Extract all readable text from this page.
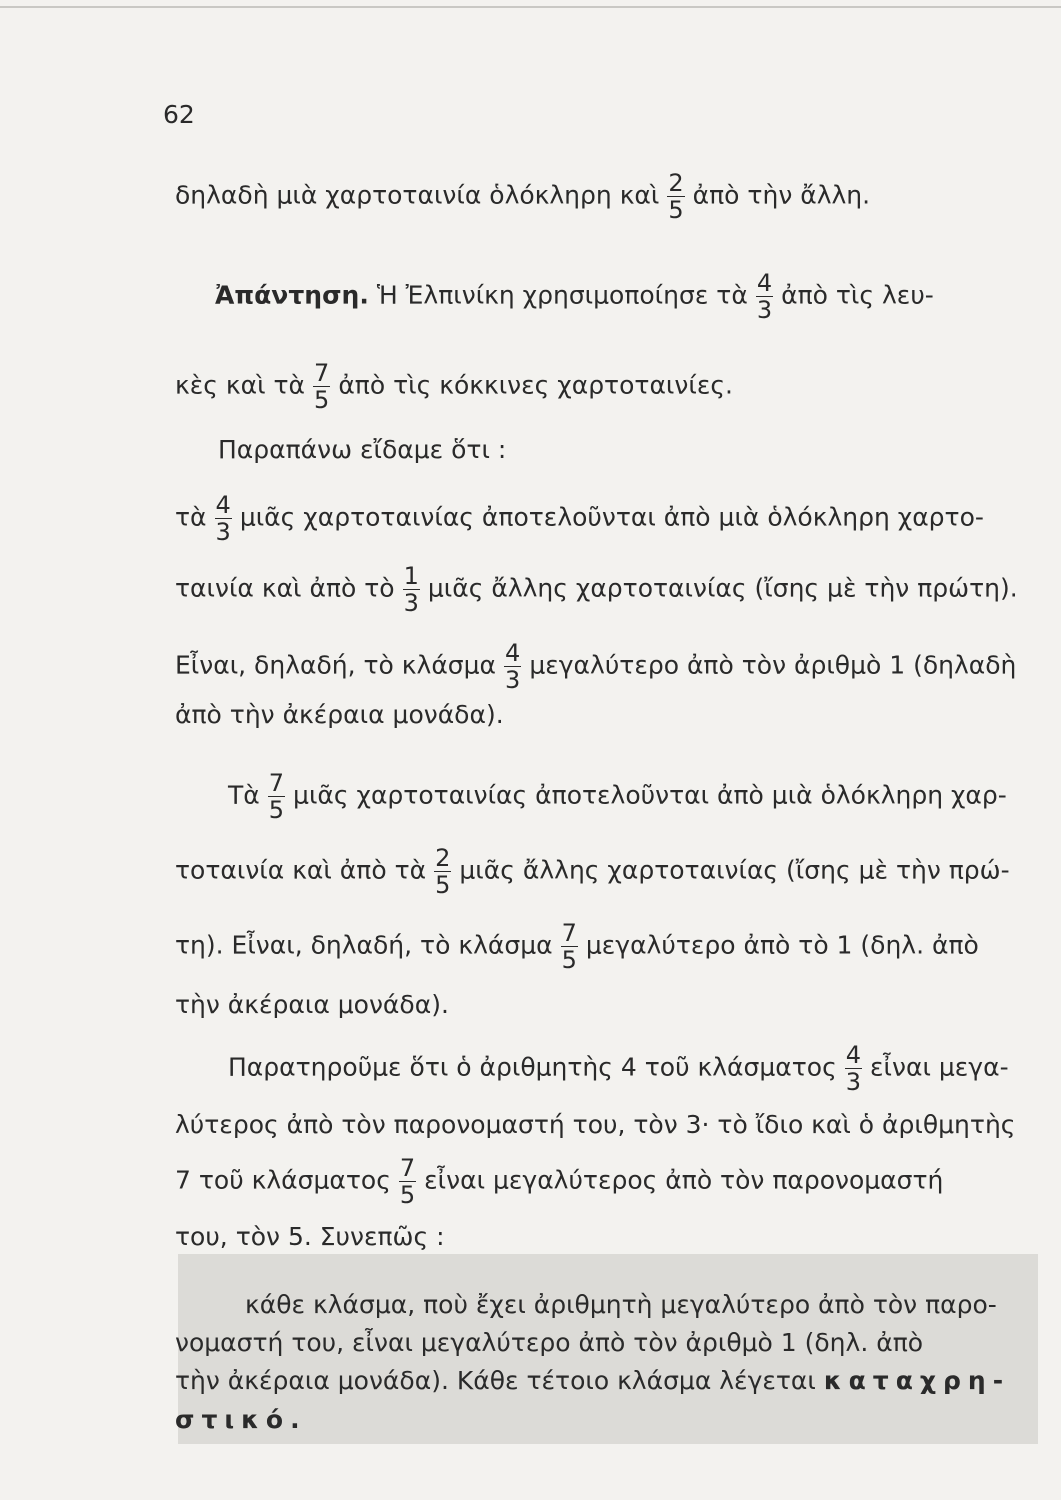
62
δηλαδὴ μιὰ χαρτοταινία ὁλόκληρη καὶ $\frac{2}{5}$ ἀπὸ τὴν ἄλλη.
Ἀπάντηση. Ἡ Ἐλπινίκη χρησιμοποίησε τὰ $\frac{4}{3}$ ἀπὸ τὶς λευ-
κὲς καὶ τὰ $\frac{7}{5}$ ἀπὸ τὶς κόκκινες χαρτοταινίες.
Παραπάνω εἴδαμε ὅτι :
τὰ $\frac{4}{3}$ μιᾶς χαρτοταινίας ἀποτελοῦνται ἀπὸ μιὰ ὁλόκληρη χαρτο-
ταινία καὶ ἀπὸ τὸ $\frac{1}{3}$ μιᾶς ἄλλης χαρτοταινίας (ἴσης μὲ τὴν πρώτη).
Εἶναι, δηλαδή, τὸ κλάσμα $\frac{4}{3}$ μεγαλύτερο ἀπὸ τὸν ἀριθμὸ 1 (δηλαδὴ
ἀπὸ τὴν ἀκέραια μονάδα).
Τὰ $\frac{7}{5}$ μιᾶς χαρτοταινίας ἀποτελοῦνται ἀπὸ μιὰ ὁλόκληρη χαρ-
τοταινία καὶ ἀπὸ τὰ $\frac{2}{5}$ μιᾶς ἄλλης χαρτοταινίας (ἴσης μὲ τὴν πρώ-
τη). Εἶναι, δηλαδή, τὸ κλάσμα $\frac{7}{5}$ μεγαλύτερο ἀπὸ τὸ 1 (δηλ. ἀπὸ
τὴν ἀκέραια μονάδα).
Παρατηροῦμε ὅτι ὁ ἀριθμητὴς 4 τοῦ κλάσματος $\frac{4}{3}$ εἶναι μεγα-
λύτερος ἀπὸ τὸν παρονομαστή του, τὸν 3· τὸ ἴδιο καὶ ὁ ἀριθμητὴς
7 τοῦ κλάσματος $\frac{7}{5}$ εἶναι μεγαλύτερος ἀπὸ τὸν παρονομαστή
του, τὸν 5. Συνεπῶς :
κάθε κλάσμα, ποὺ ἔχει ἀριθμητὴ μεγαλύτερο ἀπὸ τὸν παρο-
νομαστή του, εἶναι μεγαλύτερο ἀπὸ τὸν ἀριθμὸ 1 (δηλ. ἀπὸ
τὴν ἀκέραια μονάδα). Κάθε τέτοιο κλάσμα λέγεται καταχρη-
στικό.
